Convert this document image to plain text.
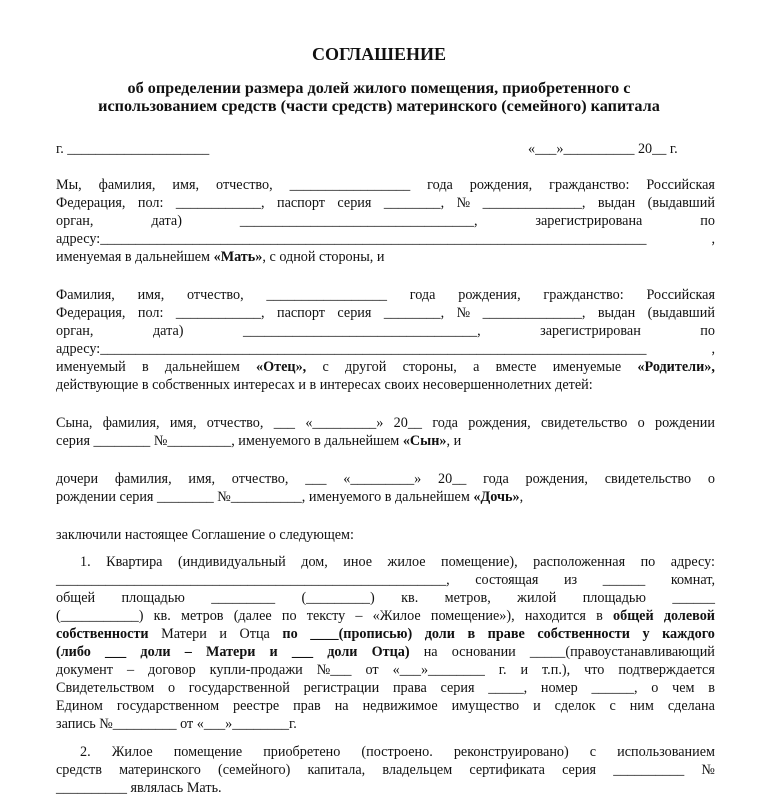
СОГЛАШЕНИЕ
об определении размера долей жилого помещения, приобретенного с
использованием средств (части средств) материнского (семейного) капитала
г. ____________________	«___»__________ 20__ г.
Мы, фамилия, имя, отчество, _________________ года рождения, гражданство: Российская
Федерация, пол: ____________, паспорт серия ________, № ______________, выдан (выдавший
орган,	дата)	_________________________________,	зарегистрирована	по
адресу:_____________________________________________________________________________	,
именуемая в дальнейшем «Мать», с одной стороны, и
Фамилия, имя, отчество, _________________ года рождения, гражданство: Российская
Федерация, пол: ____________, паспорт серия ________, № ______________, выдан (выдавший
орган,	дата)	_________________________________,	зарегистрирован	по
адресу:_____________________________________________________________________________	,
именуемый в дальнейшем «Отец», с другой стороны, а вместе именуемые «Родители»,
действующие в собственных интересах и в интересах своих несовершеннолетних детей:
Сына, фамилия, имя, отчество, ___ «_________» 20__ года рождения, свидетельство о рождении
серия ________ №_________, именуемого в дальнейшем «Сын», и
дочери фамилия, имя, отчество, ___ «_________» 20__ года рождения, свидетельство о
рождении серия ________ №__________, именуемого в дальнейшем «Дочь»,
заключили настоящее Соглашение о следующем:
1. Квартира (индивидуальный дом, иное жилое помещение), расположенная по адресу:
_______________________________________________________, состоящая из ______ комнат,
общей площадью _________ (_________) кв. метров, жилой площадью ______
(___________) кв. метров (далее по тексту – «Жилое помещение»), находится в общей долевой
собственности Матери и Отца по ____(прописью) доли в праве собственности у каждого
(либо ___ доли – Матери и ___ доли Отца) на основании _____(правоустанавливающий
документ – договор купли-продажи №___ от «___»________ г. и т.п.), что подтверждается
Свидетельством о государственной регистрации права серия _____, номер ______, о чем в
Едином государственном реестре прав на недвижимое имущество и сделок с ним сделана
запись №_________ от «___»________г.
2. Жилое помещение приобретено (построено. реконструировано) с использованием
средств материнского (семейного) капитала, владельцем сертификата серия __________ №
__________ являлась Мать.
